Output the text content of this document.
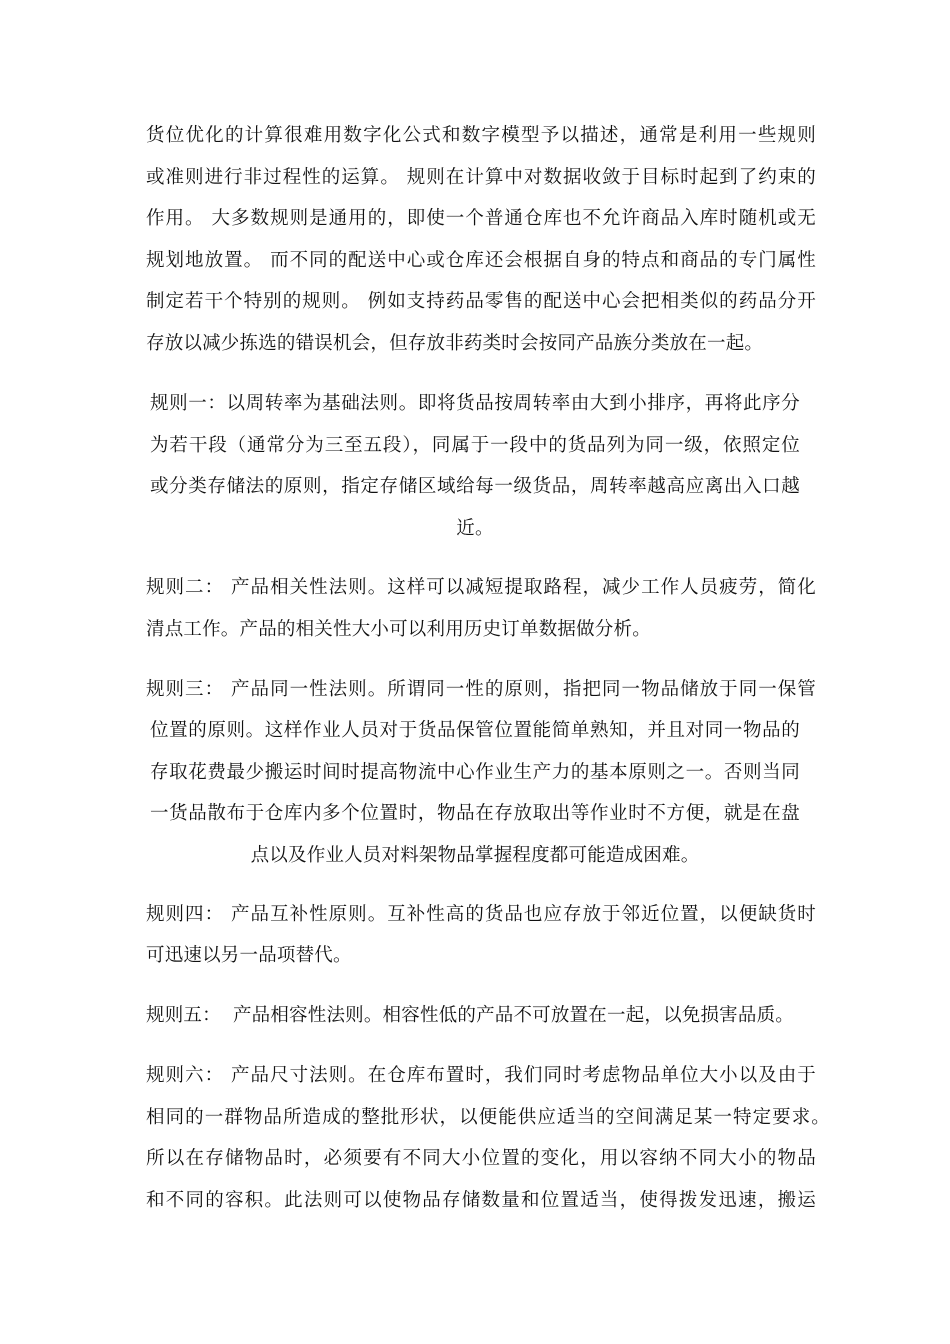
货位优化的计算很难用数字化公式和数字模型予以描述，通常是利用一些规则
或准则进行非过程性的运算。 规则在计算中对数据收敛于目标时起到了约束的
作用。 大多数规则是通用的，即使一个普通仓库也不允许商品入库时随机或无
规划地放置。 而不同的配送中心或仓库还会根据自身的特点和商品的专门属性
制定若干个特别的规则。 例如支持药品零售的配送中心会把相类似的药品分开
存放以减少拣选的错误机会，但存放非药类时会按同产品族分类放在一起。
规则一：以周转率为基础法则。即将货品按周转率由大到小排序，再将此序分
为若干段（通常分为三至五段），同属于一段中的货品列为同一级，依照定位
或分类存储法的原则，指定存储区域给每一级货品，周转率越高应离出入口越
近。
规则二： 产品相关性法则。这样可以减短提取路程，减少工作人员疲劳，简化
清点工作。产品的相关性大小可以利用历史订单数据做分析。
规则三： 产品同一性法则。所谓同一性的原则，指把同一物品储放于同一保管
位置的原则。这样作业人员对于货品保管位置能简单熟知，并且对同一物品的
存取花费最少搬运时间时提高物流中心作业生产力的基本原则之一。否则当同
一货品散布于仓库内多个位置时，物品在存放取出等作业时不方便，就是在盘
点以及作业人员对料架物品掌握程度都可能造成困难。
规则四： 产品互补性原则。互补性高的货品也应存放于邻近位置，以便缺货时
可迅速以另一品项替代。
规则五：  产品相容性法则。相容性低的产品不可放置在一起，以免损害品质。
规则六： 产品尺寸法则。在仓库布置时，我们同时考虑物品单位大小以及由于
相同的一群物品所造成的整批形状，以便能供应适当的空间满足某一特定要求。
所以在存储物品时，必须要有不同大小位置的变化，用以容纳不同大小的物品
和不同的容积。此法则可以使物品存储数量和位置适当，使得拨发迅速，搬运
